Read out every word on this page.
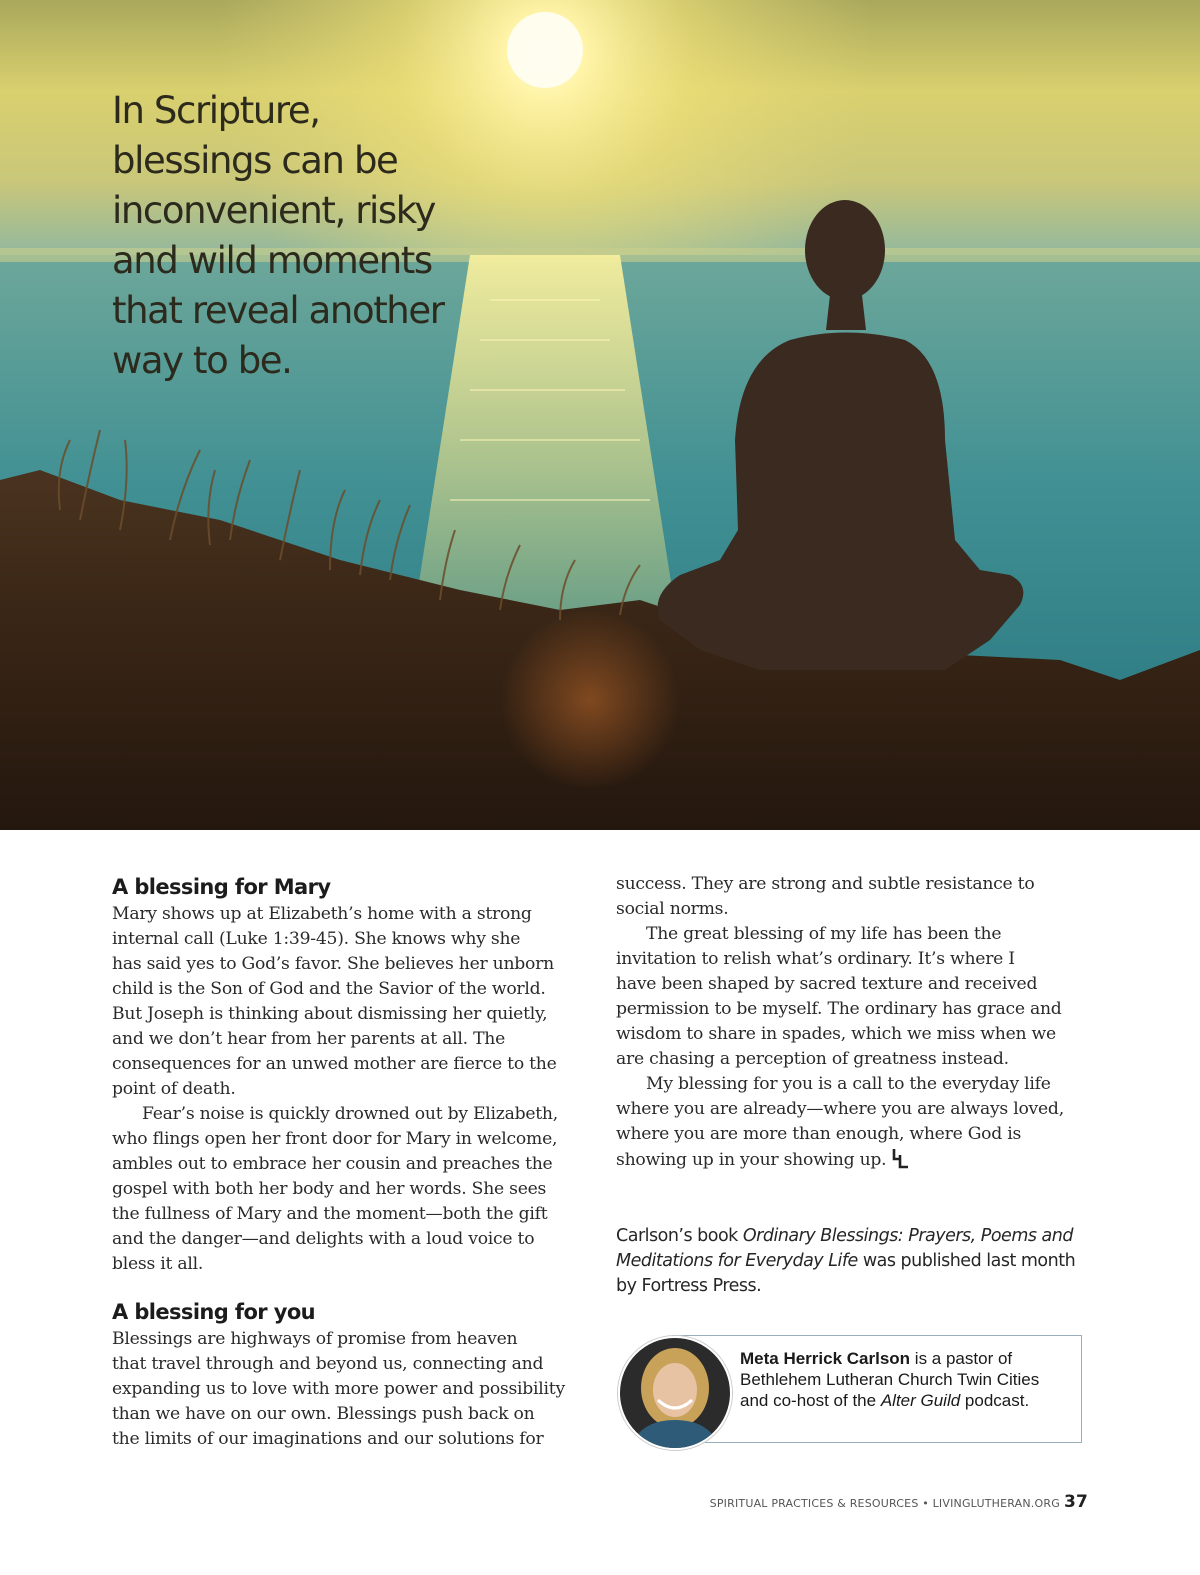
In Scripture,
blessings can be
inconvenient, risky
and wild moments
that reveal another
way to be.

A blessing for Mary

Mary shows up at Elizabeth’s home with a strong
internal call (Luke 1:39-45). She knows why she
has said yes to God’s favor. She believes her unborn
child is the Son of God and the Savior of the world.
But Joseph is thinking about dismissing her quietly,
and we don’t hear from her parents at all. The
consequences for an unwed mother are fierce to the
point of death.

Fear’s noise is quickly drowned out by Elizabeth,
who flings open her front door for Mary in welcome,
ambles out to embrace her cousin and preaches the
gospel with both her body and her words. She sees
the fullness of Mary and the moment—both the gift
and the danger—and delights with a loud voice to
bless it all.

A blessing for you

Blessings are highways of promise from heaven
that travel through and beyond us, connecting and
expanding us to love with more power and possibility
than we have on our own. Blessings push back on
the limits of our imaginations and our solutions for

success. They are strong and subtle resistance to
social norms.

The great blessing of my life has been the
invitation to relish what’s ordinary. It’s where I
have been shaped by sacred texture and received
permission to be myself. The ordinary has grace and
wisdom to share in spades, which we miss when we
are chasing a perception of greatness instead.

My blessing for you is a call to the everyday life
where you are already—where you are always loved,
where you are more than enough, where God is
showing up in your showing up.

Carlson’s book Ordinary Blessings: Prayers, Poems and Meditations for Everyday Life was published last month by Fortress Press.

Meta Herrick Carlson is a pastor of Bethlehem Lutheran Church Twin Cities and co-host of the Alter Guild podcast.

SPIRITUAL PRACTICES & RESOURCES • LIVINGLUTHERAN.ORG 37
